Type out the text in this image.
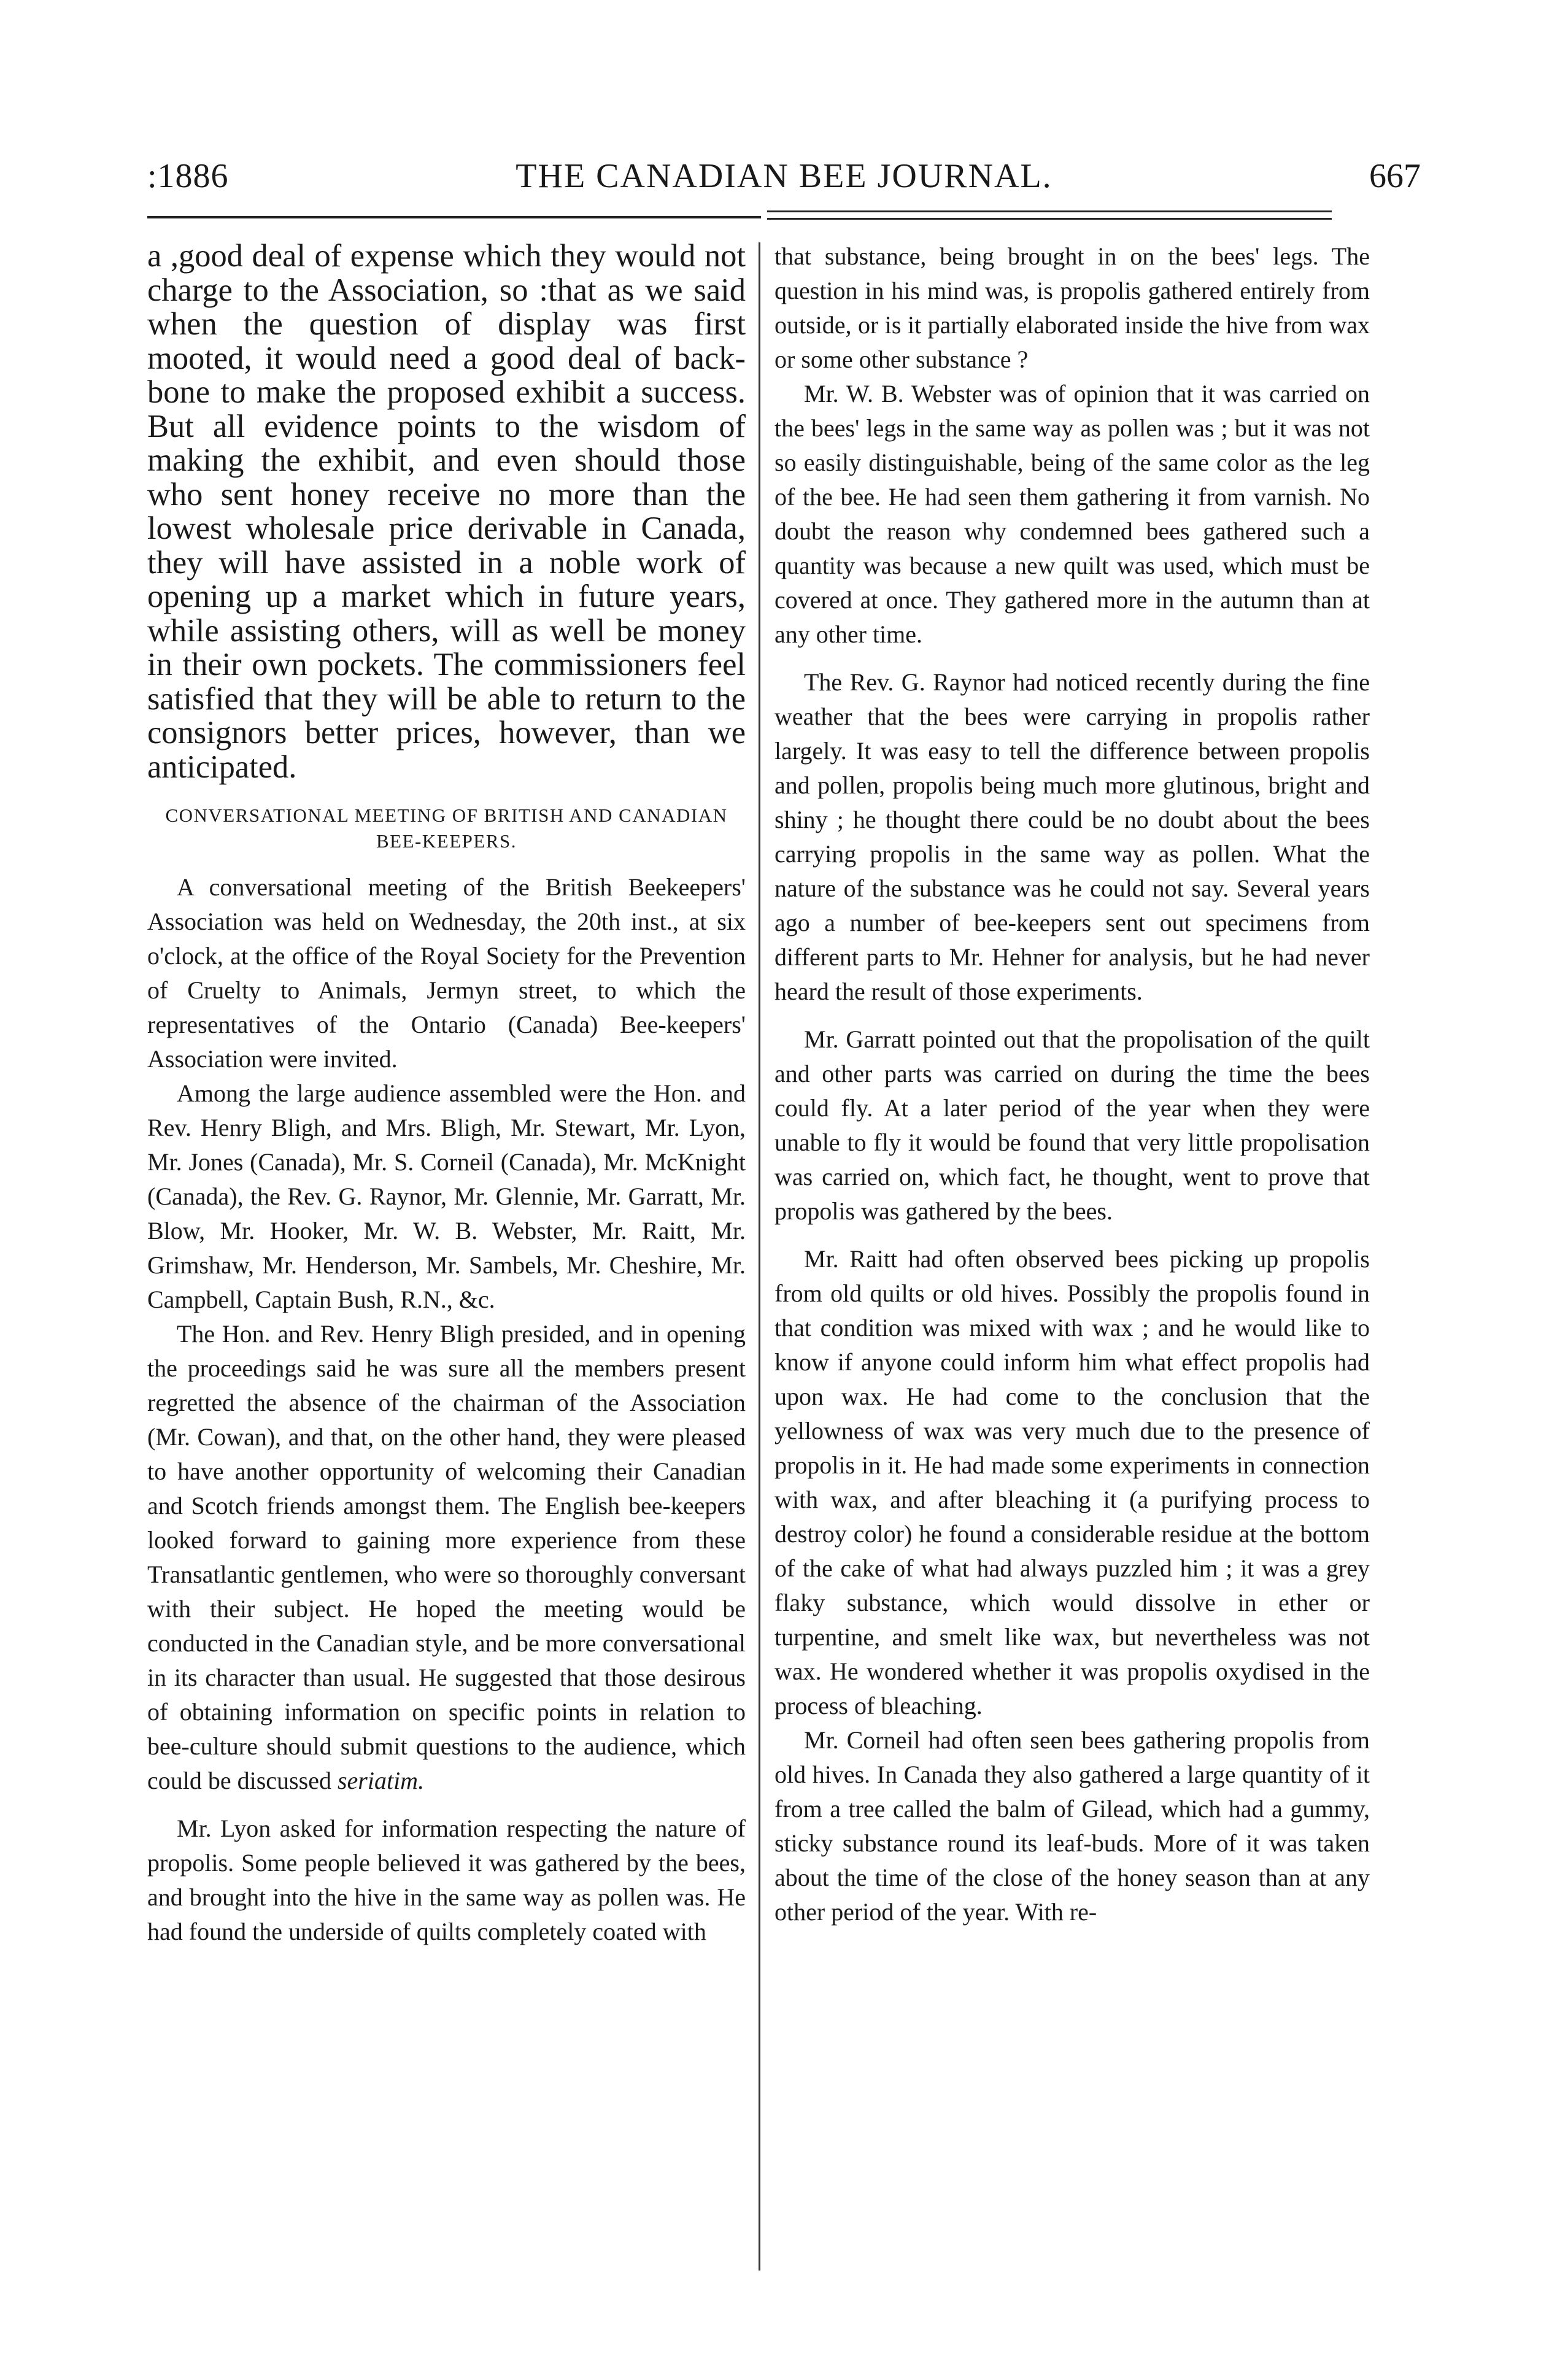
:1886	THE CANADIAN BEE JOURNAL.	667

a ,good deal of expense which they would not charge to the Association, so :that as we said when the question of display was first mooted, it would need a good deal of back-bone to make the proposed exhibit a success. But all evidence points to the wisdom of making the exhibit, and even should those who sent honey receive no more than the lowest wholesale price derivable in Canada, they will have assisted in a noble work of opening up a market which in future years, while assisting others, will as well be money in their own pockets. The commissioners feel satisfied that they will be able to return to the consignors better prices, however, than we anticipated.

CONVERSATIONAL MEETING OF BRITISH AND CANADIAN BEE-KEEPERS.

A conversational meeting of the British Beekeepers' Association was held on Wednesday, the 20th inst., at six o'clock, at the office of the Royal Society for the Prevention of Cruelty to Animals, Jermyn street, to which the representatives of the Ontario (Canada) Bee-keepers' Association were invited.

Among the large audience assembled were the Hon. and Rev. Henry Bligh, and Mrs. Bligh, Mr. Stewart, Mr. Lyon, Mr. Jones (Canada), Mr. S. Corneil (Canada), Mr. McKnight (Canada), the Rev. G. Raynor, Mr. Glennie, Mr. Garratt, Mr. Blow, Mr. Hooker, Mr. W. B. Webster, Mr. Raitt, Mr. Grimshaw, Mr. Henderson, Mr. Sambels, Mr. Cheshire, Mr. Campbell, Captain Bush, R.N., &c.

The Hon. and Rev. Henry Bligh presided, and in opening the proceedings said he was sure all the members present regretted the absence of the chairman of the Association (Mr. Cowan), and that, on the other hand, they were pleased to have another opportunity of welcoming their Canadian and Scotch friends amongst them. The English bee-keepers looked forward to gaining more experience from these Transatlantic gentlemen, who were so thoroughly conversant with their subject. He hoped the meeting would be conducted in the Canadian style, and be more conversational in its character than usual. He suggested that those desirous of obtaining information on specific points in relation to bee-culture should submit questions to the audience, which could be discussed seriatim.

Mr. Lyon asked for information respecting the nature of propolis. Some people believed it was gathered by the bees, and brought into the hive in the same way as pollen was. He had found the underside of quilts completely coated with

that substance, being brought in on the bees' legs. The question in his mind was, is propolis gathered entirely from outside, or is it partially elaborated inside the hive from wax or some other substance ?

Mr. W. B. Webster was of opinion that it was carried on the bees' legs in the same way as pollen was ; but it was not so easily distinguishable, being of the same color as the leg of the bee. He had seen them gathering it from varnish. No doubt the reason why condemned bees gathered such a quantity was because a new quilt was used, which must be covered at once. They gathered more in the autumn than at any other time.

The Rev. G. Raynor had noticed recently during the fine weather that the bees were carrying in propolis rather largely. It was easy to tell the difference between propolis and pollen, propolis being much more glutinous, bright and shiny ; he thought there could be no doubt about the bees carrying propolis in the same way as pollen. What the nature of the substance was he could not say. Several years ago a number of bee-keepers sent out specimens from different parts to Mr. Hehner for analysis, but he had never heard the result of those experiments.

Mr. Garratt pointed out that the propolisation of the quilt and other parts was carried on during the time the bees could fly. At a later period of the year when they were unable to fly it would be found that very little propolisation was carried on, which fact, he thought, went to prove that propolis was gathered by the bees.

Mr. Raitt had often observed bees picking up propolis from old quilts or old hives. Possibly the propolis found in that condition was mixed with wax ; and he would like to know if anyone could inform him what effect propolis had upon wax. He had come to the conclusion that the yellowness of wax was very much due to the presence of propolis in it. He had made some experiments in connection with wax, and after bleaching it (a purifying process to destroy color) he found a considerable residue at the bottom of the cake of what had always puzzled him ; it was a grey flaky substance, which would dissolve in ether or turpentine, and smelt like wax, but nevertheless was not wax. He wondered whether it was propolis oxydised in the process of bleaching.

Mr. Corneil had often seen bees gathering propolis from old hives. In Canada they also gathered a large quantity of it from a tree called the balm of Gilead, which had a gummy, sticky substance round its leaf-buds. More of it was taken about the time of the close of the honey season than at any other period of the year. With re-
